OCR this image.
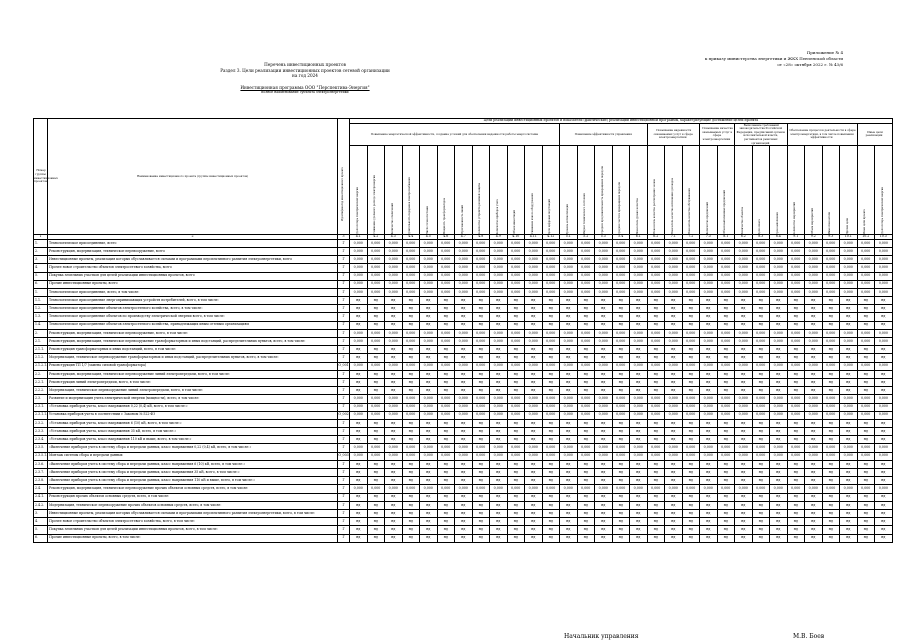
Приложение № 4
к приказу министерства энергетики и ЖКХ Пензенской области
от «28» октября 2022 г. № 43/6
Перечень инвестиционных проектов
Раздел 3. Цели реализации инвестиционных проектов сетевой организации
на год 2024
Инвестиционная программа ООО "Перспектива-Энергия"
полное наименование субъекта электроэнергетики
Номер группы инвестиционных проектов	Наименование инвестиционного проекта (группы инвестиционных проектов)	Идентификатор инвестиционного проекта	Цели реализации инвестиционных проектов и показатели (фактические) реализации инвестиционной программы, характеризующие достижение целей проекта																														
			Повышение энергетической эффективности, создание условий для обеспечения надежности работы энергосистемы												Повышение эффективности управления					Повышение надежности оказываемых услуг в сфере электроэнергетики			Повышение качества оказываемых услуг в сфере электроэнергетики		Выполнение требований законодательства Российской Федерации, предписаний органов исполнительной власти, регламентов рыночных организаций			Обеспечение процессов деятельности в сфере электроэнергетики, в том числе повышения эффективности				Иные цели реализации	

			Доля потерь электрической энергии	Снижение удельного расхода электроэнергии	Количество отключений	Длительность перерывов электроснабжения	Число точек поставки	Мощность трансформаторов	Протяженность линий	Количество устройств релейной защиты	Количество приборов учета	Объем инвестиций	Снижение износа оборудования	Доля цифровых подстанций	Уровень автоматизации	Индекс технического состояния	Средняя продолжительность прекращения передачи	Средняя частота прекращения передачи	Показатель уровня качества	Показатель качества рассмотрения заявок	Показатель качества исполнения договоров	Показатель качества обслуживания	Количество предписаний	Объем выполненных предписаний	Количество объектов	Доля охвата	Срок выполнения	Количество мероприятий	Объем мероприятий	Иные показатели	Прочие цели	Иные цели проекта	Доля потерь электрической энергии

1	2	3	4.1	4.2	4.3	4.4	4.5	4.6	4.7	4.8	4.9	4.10	4.11	4.12	5.1	5.2	5.3	5.4	6.1	6.2	7.1	7.2	7.3	8.1	8.2	8.3	8.4	9.1	9.2	9.3	10.1	10.2	10.3
1.	Технологическое присоединение, всего	Г	0,000	0,000	0,000	0,000	0,000	0,000	0,000	0,000	0,000	0,000	0,000	0,000	0,000	0,000	0,000	0,000	0,000	0,000	0,000	0,000	0,000	0,000	0,000	0,000	0,000	0,000	0,000	0,000	0,000	0,000	0,000
2.	Реконструкция, модернизация, техническое перевооружение, всего	Г	0,000	0,000	0,000	0,000	0,000	0,000	0,000	0,000	0,000	0,000	0,000	0,000	0,000	0,000	0,000	0,000	0,000	0,000	0,000	0,000	0,000	0,000	0,000	0,000	0,000	0,000	0,000	0,000	0,000	0,000	0,000
3.	Инвестиционные проекты, реализация которых обуславливается схемами и программами перспективного развития электроэнергетики, всего	Г	0,000	0,000	0,000	0,000	0,000	0,000	0,000	0,000	0,000	0,000	0,000	0,000	0,000	0,000	0,000	0,000	0,000	0,000	0,000	0,000	0,000	0,000	0,000	0,000	0,000	0,000	0,000	0,000	0,000	0,000	0,000
4.	Прочее новое строительство объектов электросетевого хозяйства, всего	Г	0,000	0,000	0,000	0,000	0,000	0,000	0,000	0,000	0,000	0,000	0,000	0,000	0,000	0,000	0,000	0,000	0,000	0,000	0,000	0,000	0,000	0,000	0,000	0,000	0,000	0,000	0,000	0,000	0,000	0,000	0,000
5.	Покупка земельных участков для целей реализации инвестиционных проектов, всего	Г	0,000	0,000	0,000	0,000	0,000	0,000	0,000	0,000	0,000	0,000	0,000	0,000	0,000	0,000	0,000	0,000	0,000	0,000	0,000	0,000	0,000	0,000	0,000	0,000	0,000	0,000	0,000	0,000	0,000	0,000	0,000
6.	Прочие инвестиционные проекты, всего	Г	0,000	0,000	0,000	0,000	0,000	0,000	0,000	0,000	0,000	0,000	0,000	0,000	0,000	0,000	0,000	0,000	0,000	0,000	0,000	0,000	0,000	0,000	0,000	0,000	0,000	0,000	0,000	0,000	0,000	0,000	0,000
1.	Технологическое присоединение, всего, в том числе:	Г	0,000	0,000	0,000	0,000	0,000	0,000	0,000	0,000	0,000	0,000	0,000	0,000	0,000	0,000	0,000	0,000	0,000	0,000	0,000	0,000	0,000	0,000	0,000	0,000	0,000	0,000	0,000	0,000	0,000	0,000	0,000
1.1.	Технологическое присоединение энергопринимающих устройств потребителей, всего, в том числе:	Г	нд	нд	нд	нд	нд	нд	нд	нд	нд	нд	нд	нд	нд	нд	нд	нд	нд	нд	нд	нд	нд	нд	нд	нд	нд	нд	нд	нд	нд	нд	нд
1.2.	Технологическое присоединение объектов электросетевого хозяйства, всего, в том числе:	Г	нд	нд	нд	нд	нд	нд	нд	нд	нд	нд	нд	нд	нд	нд	нд	нд	нд	нд	нд	нд	нд	нд	нд	нд	нд	нд	нд	нд	нд	нд	нд
1.3.	Технологическое присоединение объектов по производству электрической энергии всего, в том числе:	Г	нд	нд	нд	нд	нд	нд	нд	нд	нд	нд	нд	нд	нд	нд	нд	нд	нд	нд	нд	нд	нд	нд	нд	нд	нд	нд	нд	нд	нд	нд	нд
1.4.	Технологическое присоединение объектов электросетевого хозяйства, принадлежащих иным сетевым организациям	Г	нд	нд	нд	нд	нд	нд	нд	нд	нд	нд	нд	нд	нд	нд	нд	нд	нд	нд	нд	нд	нд	нд	нд	нд	нд	нд	нд	нд	нд	нд	нд
2.	Реконструкция, модернизация, техническое перевооружение, всего, в том числе:	Г	0,000	0,000	0,000	0,000	0,000	0,000	0,000	0,000	0,000	0,000	0,000	0,000	0,000	0,000	0,000	0,000	0,000	0,000	0,000	0,000	0,000	0,000	0,000	0,000	0,000	0,000	0,000	0,000	0,000	0,000	0,000
2.1.	Реконструкция, модернизация, техническое перевооружение трансформаторных и иных подстанций, распределительных пунктов, всего, в том числе:	Г	0,000	0,000	0,000	0,000	0,000	0,000	0,000	0,000	0,000	0,000	0,000	0,000	0,000	0,000	0,000	0,000	0,000	0,000	0,000	0,000	0,000	0,000	0,000	0,000	0,000	0,000	0,000	0,000	0,000	0,000	0,000
2.1.1.	Реконструкция трансформаторных и иных подстанций, всего, в том числе:	Г	нд	нд	нд	нд	нд	нд	нд	нд	нд	нд	нд	нд	нд	нд	нд	нд	нд	нд	нд	нд	нд	нд	нд	нд	нд	нд	нд	нд	нд	нд	нд
2.1.2.	Модернизация, техническое перевооружение трансформаторных и иных подстанций, распределительных пунктов, всего, в том числе:	Г	нд	нд	нд	нд	нд	нд	нд	нд	нд	нд	нд	нд	нд	нд	нд	нд	нд	нд	нд	нд	нд	нд	нд	нд	нд	нд	нд	нд	нд	нд	нд
2.1.2.1.	Реконструкция ТП 1/7 (замена силовой трансформатора)	О_001	0,000	0,000	0,000	0,000	0,000	0,000	0,000	0,000	0,000	0,000	0,000	0,000	0,000	0,000	0,000	0,000	0,000	0,000	0,000	0,000	0,000	0,000	0,000	0,000	0,000	0,000	0,000	0,000	0,000	0,000	0,000
2.2.	Реконструкция, модернизация, техническое перевооружение линий электропередачи, всего, в том числе:	Г	нд	нд	нд	нд	нд	нд	нд	нд	нд	нд	нд	нд	нд	нд	нд	нд	нд	нд	нд	нд	нд	нд	нд	нд	нд	нд	нд	нд	нд	нд	нд
2.2.1.	Реконструкция линий электропередачи, всего, в том числе:	Г	нд	нд	нд	нд	нд	нд	нд	нд	нд	нд	нд	нд	нд	нд	нд	нд	нд	нд	нд	нд	нд	нд	нд	нд	нд	нд	нд	нд	нд	нд	нд
2.2.2.	Модернизация, техническое перевооружение линий электропередачи, всего, в том числе:	Г	нд	нд	нд	нд	нд	нд	нд	нд	нд	нд	нд	нд	нд	нд	нд	нд	нд	нд	нд	нд	нд	нд	нд	нд	нд	нд	нд	нд	нд	нд	нд
2.3.	Развитие и модернизация учета электрической энергии (мощности), всего, в том числе:	Г	0,000	0,000	0,000	0,000	0,000	0,000	0,000	0,000	0,000	0,000	0,000	0,000	0,000	0,000	0,000	0,000	0,000	0,000	0,000	0,000	0,000	0,000	0,000	0,000	0,000	0,000	0,000	0,000	0,000	0,000	0,000
2.3.1.	«Установка приборов учета, класс напряжения 0,22 (0,4) кВ, всего, в том числе:»	Г	0,000	0,000	0,000	0,000	0,000	0,000	0,000	0,000	0,000	0,000	0,000	0,000	0,000	0,000	0,000	0,000	0,000	0,000	0,000	0,000	0,000	0,000	0,000	0,000	0,000	0,000	0,000	0,000	0,000	0,000	0,000
2.3.1.1.	Установка приборов учета в соответствии с Законом № 522-ФЗ	О_002	0,000	0,000	0,000	0,000	0,000	0,000	0,000	0,000	0,000	0,000	0,000	0,000	0,000	0,000	0,000	0,000	0,000	0,000	0,000	0,000	0,000	0,000	0,000	0,000	0,000	0,000	0,000	0,000	0,000	0,000	0,000
2.3.2.	«Установка приборов учета, класс напряжения 6 (10) кВ, всего, в том числе:»	Г	нд	нд	нд	нд	нд	нд	нд	нд	нд	нд	нд	нд	нд	нд	нд	нд	нд	нд	нд	нд	нд	нд	нд	нд	нд	нд	нд	нд	нд	нд	нд
2.3.3.	«Установка приборов учета, класс напряжения 35 кВ, всего, в том числе:»	Г	нд	нд	нд	нд	нд	нд	нд	нд	нд	нд	нд	нд	нд	нд	нд	нд	нд	нд	нд	нд	нд	нд	нд	нд	нд	нд	нд	нд	нд	нд	нд
2.3.4.	«Установка приборов учета, класс напряжения 110 кВ и выше, всего, в том числе:»	Г	нд	нд	нд	нд	нд	нд	нд	нд	нд	нд	нд	нд	нд	нд	нд	нд	нд	нд	нд	нд	нд	нд	нд	нд	нд	нд	нд	нд	нд	нд	нд
2.3.5.	«Включение приборов учета в систему сбора и передачи данных, класс напряжения 0,22 (0,4) кВ, всего, в том числе:»	Г	0,000	0,000	0,000	0,000	0,000	0,000	0,000	0,000	0,000	0,000	0,000	0,000	0,000	0,000	0,000	0,000	0,000	0,000	0,000	0,000	0,000	0,000	0,000	0,000	0,000	0,000	0,000	0,000	0,000	0,000	0,000
2.3.5.1.	Монтаж системы сбора и передачи данных	О_003	0,000	0,000	0,000	0,000	0,000	0,000	0,000	0,000	0,000	0,000	0,000	0,000	0,000	0,000	0,000	0,000	0,000	0,000	0,000	0,000	0,000	0,000	0,000	0,000	0,000	0,000	0,000	0,000	0,000	0,000	0,000
2.3.6.	«Включение приборов учета в систему сбора и передачи данных, класс напряжения 6 (10) кВ, всего, в том числе:»	Г	нд	нд	нд	нд	нд	нд	нд	нд	нд	нд	нд	нд	нд	нд	нд	нд	нд	нд	нд	нд	нд	нд	нд	нд	нд	нд	нд	нд	нд	нд	нд
2.3.7.	«Включение приборов учета в систему сбора и передачи данных, класс напряжения 35 кВ, всего, в том числе:»	Г	нд	нд	нд	нд	нд	нд	нд	нд	нд	нд	нд	нд	нд	нд	нд	нд	нд	нд	нд	нд	нд	нд	нд	нд	нд	нд	нд	нд	нд	нд	нд
2.3.8.	«Включение приборов учета в систему сбора и передачи данных, класс напряжения 110 кВ и выше, всего, в том числе:»	Г	нд	нд	нд	нд	нд	нд	нд	нд	нд	нд	нд	нд	нд	нд	нд	нд	нд	нд	нд	нд	нд	нд	нд	нд	нд	нд	нд	нд	нд	нд	нд
2.4.	Реконструкция, модернизация, техническое перевооружение прочих объектов основных средств, всего, в том числе:	Г	0,000	0,000	0,000	0,000	0,000	0,000	0,000	0,000	0,000	0,000	0,000	0,000	0,000	0,000	0,000	0,000	0,000	0,000	0,000	0,000	0,000	0,000	0,000	0,000	0,000	0,000	0,000	0,000	0,000	0,000	0,000
2.4.1.	Реконструкция прочих объектов основных средств, всего, в том числе:	Г	нд	нд	нд	нд	нд	нд	нд	нд	нд	нд	нд	нд	нд	нд	нд	нд	нд	нд	нд	нд	нд	нд	нд	нд	нд	нд	нд	нд	нд	нд	нд
2.4.2.	Модернизация, техническое перевооружение прочих объектов основных средств, всего, в том числе:	Г	нд	нд	нд	нд	нд	нд	нд	нд	нд	нд	нд	нд	нд	нд	нд	нд	нд	нд	нд	нд	нд	нд	нд	нд	нд	нд	нд	нд	нд	нд	нд
3.	Инвестиционные проекты, реализация которых обуславливается схемами и программами перспективного развития электроэнергетики, всего, в том числе:	Г	нд	нд	нд	нд	нд	нд	нд	нд	нд	нд	нд	нд	нд	нд	нд	нд	нд	нд	нд	нд	нд	нд	нд	нд	нд	нд	нд	нд	нд	нд	нд
4.	Прочее новое строительство объектов электросетевого хозяйства, всего, в том числе:	Г	нд	нд	нд	нд	нд	нд	нд	нд	нд	нд	нд	нд	нд	нд	нд	нд	нд	нд	нд	нд	нд	нд	нд	нд	нд	нд	нд	нд	нд	нд	нд
5.	Покупка земельных участков для целей реализации инвестиционных проектов, всего, в том числе:	Г	нд	нд	нд	нд	нд	нд	нд	нд	нд	нд	нд	нд	нд	нд	нд	нд	нд	нд	нд	нд	нд	нд	нд	нд	нд	нд	нд	нд	нд	нд	нд
6.	Прочие инвестиционные проекты, всего, в том числе:	Г	нд	нд	нд	нд	нд	нд	нд	нд	нд	нд	нд	нд	нд	нд	нд	нд	нд	нд	нд	нд	нд	нд	нд	нд	нд	нд	нд	нд	нд	нд	нд
Начальник управления	М.В. Боев
